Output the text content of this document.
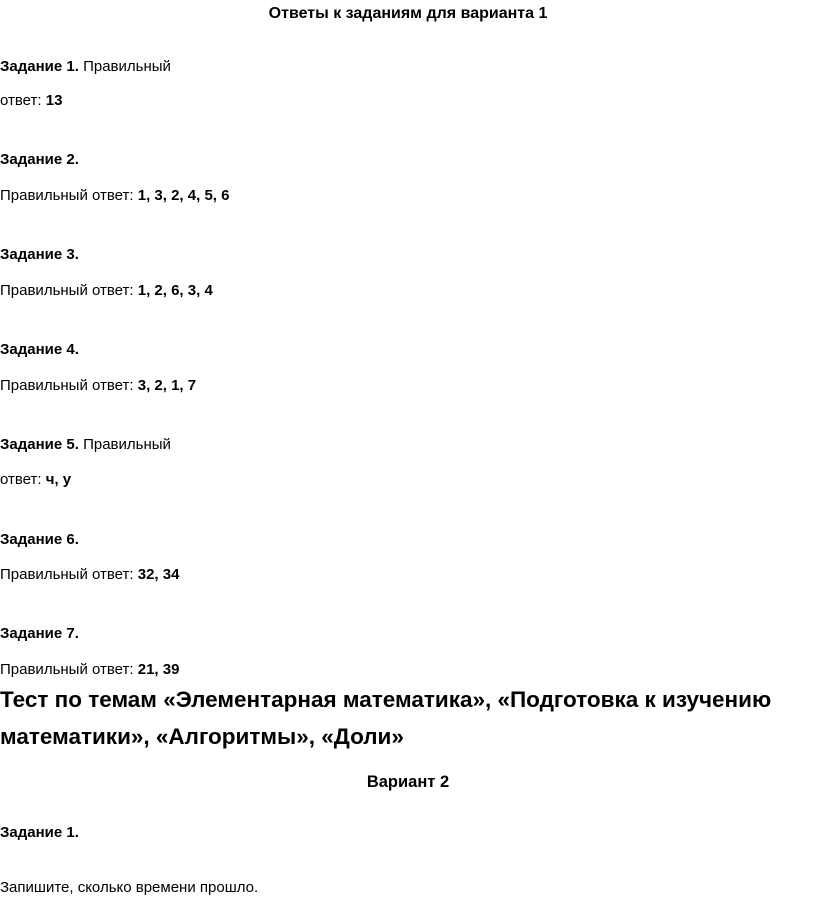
Ответы к заданиям для варианта 1
Задание 1. Правильный
ответ: 13
Задание 2.
Правильный ответ: 1, 3, 2, 4, 5, 6
Задание 3.
Правильный ответ: 1, 2, 6, 3, 4
Задание 4.
Правильный ответ: 3, 2, 1, 7
Задание 5. Правильный
ответ: ч, у
Задание 6.
Правильный ответ: 32, 34
Задание 7.
Правильный ответ: 21, 39
Тест по темам «Элементарная математика», «Подготовка к изучению
математики», «Алгоритмы», «Доли»
Вариант 2
Задание 1.
Запишите, сколько времени прошло.
